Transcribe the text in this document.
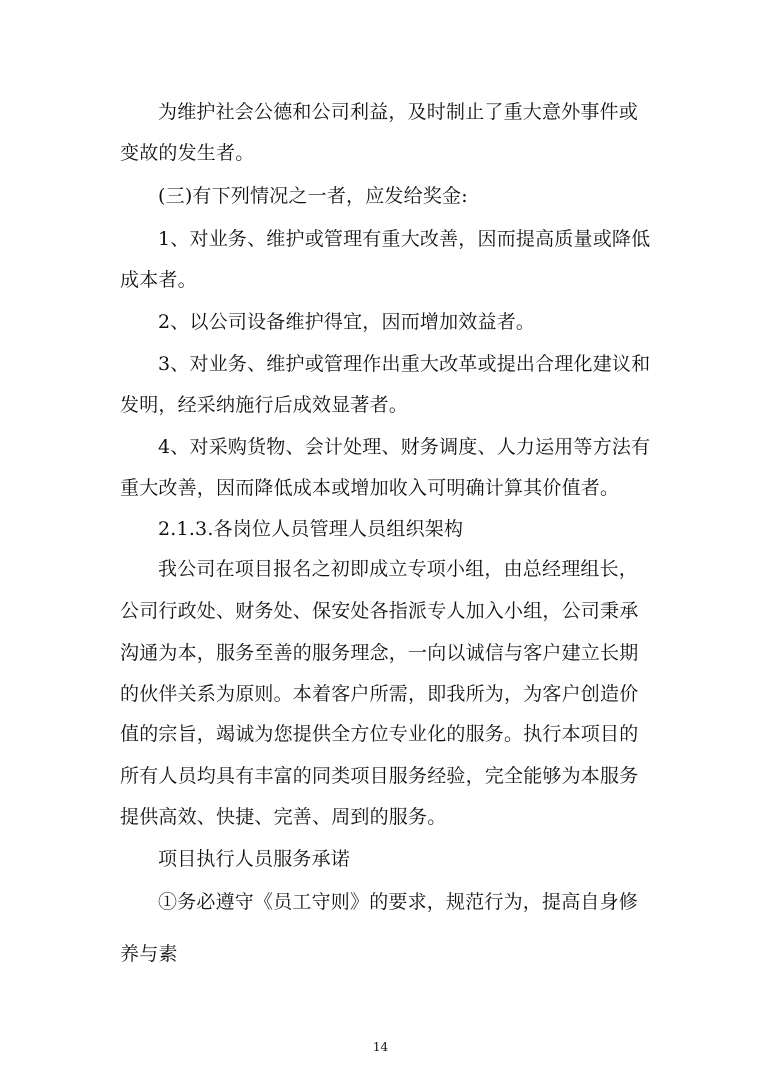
为维护社会公德和公司利益，及时制止了重大意外事件或
变故的发生者。
(三)有下列情况之一者，应发给奖金:
1、对业务、维护或管理有重大改善，因而提高质量或降低
成本者。
2、以公司设备维护得宜，因而增加效益者。
3、对业务、维护或管理作出重大改革或提出合理化建议和
发明，经采纳施行后成效显著者。
4、对采购货物、会计处理、财务调度、人力运用等方法有
重大改善，因而降低成本或增加收入可明确计算其价值者。
2.1.3.各岗位人员管理人员组织架构
我公司在项目报名之初即成立专项小组，由总经理组长，
公司行政处、财务处、保安处各指派专人加入小组，公司秉承
沟通为本，服务至善的服务理念，一向以诚信与客户建立长期
的伙伴关系为原则。本着客户所需，即我所为，为客户创造价
值的宗旨，竭诚为您提供全方位专业化的服务。执行本项目的
所有人员均具有丰富的同类项目服务经验，完全能够为本服务
提供高效、快捷、完善、周到的服务。
项目执行人员服务承诺
①务必遵守《员工守则》的要求，规范行为，提高自身修
养与素
14
